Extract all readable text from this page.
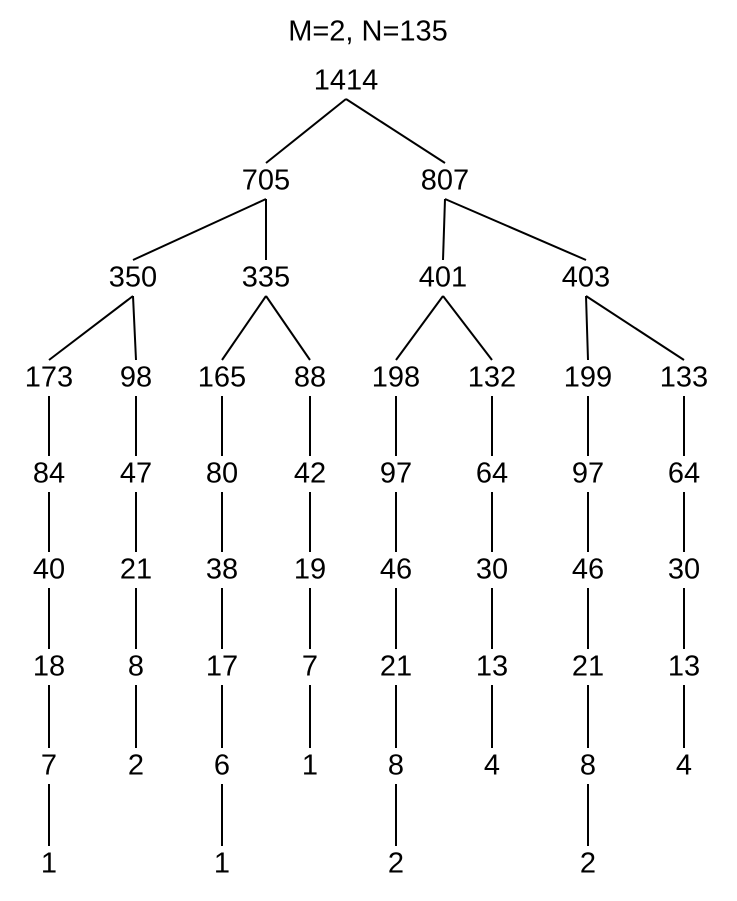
M=2, N=135
1414
705	807
350	335	401	403
173 98 165 88 198 132 199 133
84 47 80 42 97 64 97 64
40 21 38 19 46 30 46 30
18 8 17 7 21 13 21 13
7 2 6 1 8	4	8	4
1	1	2	2
